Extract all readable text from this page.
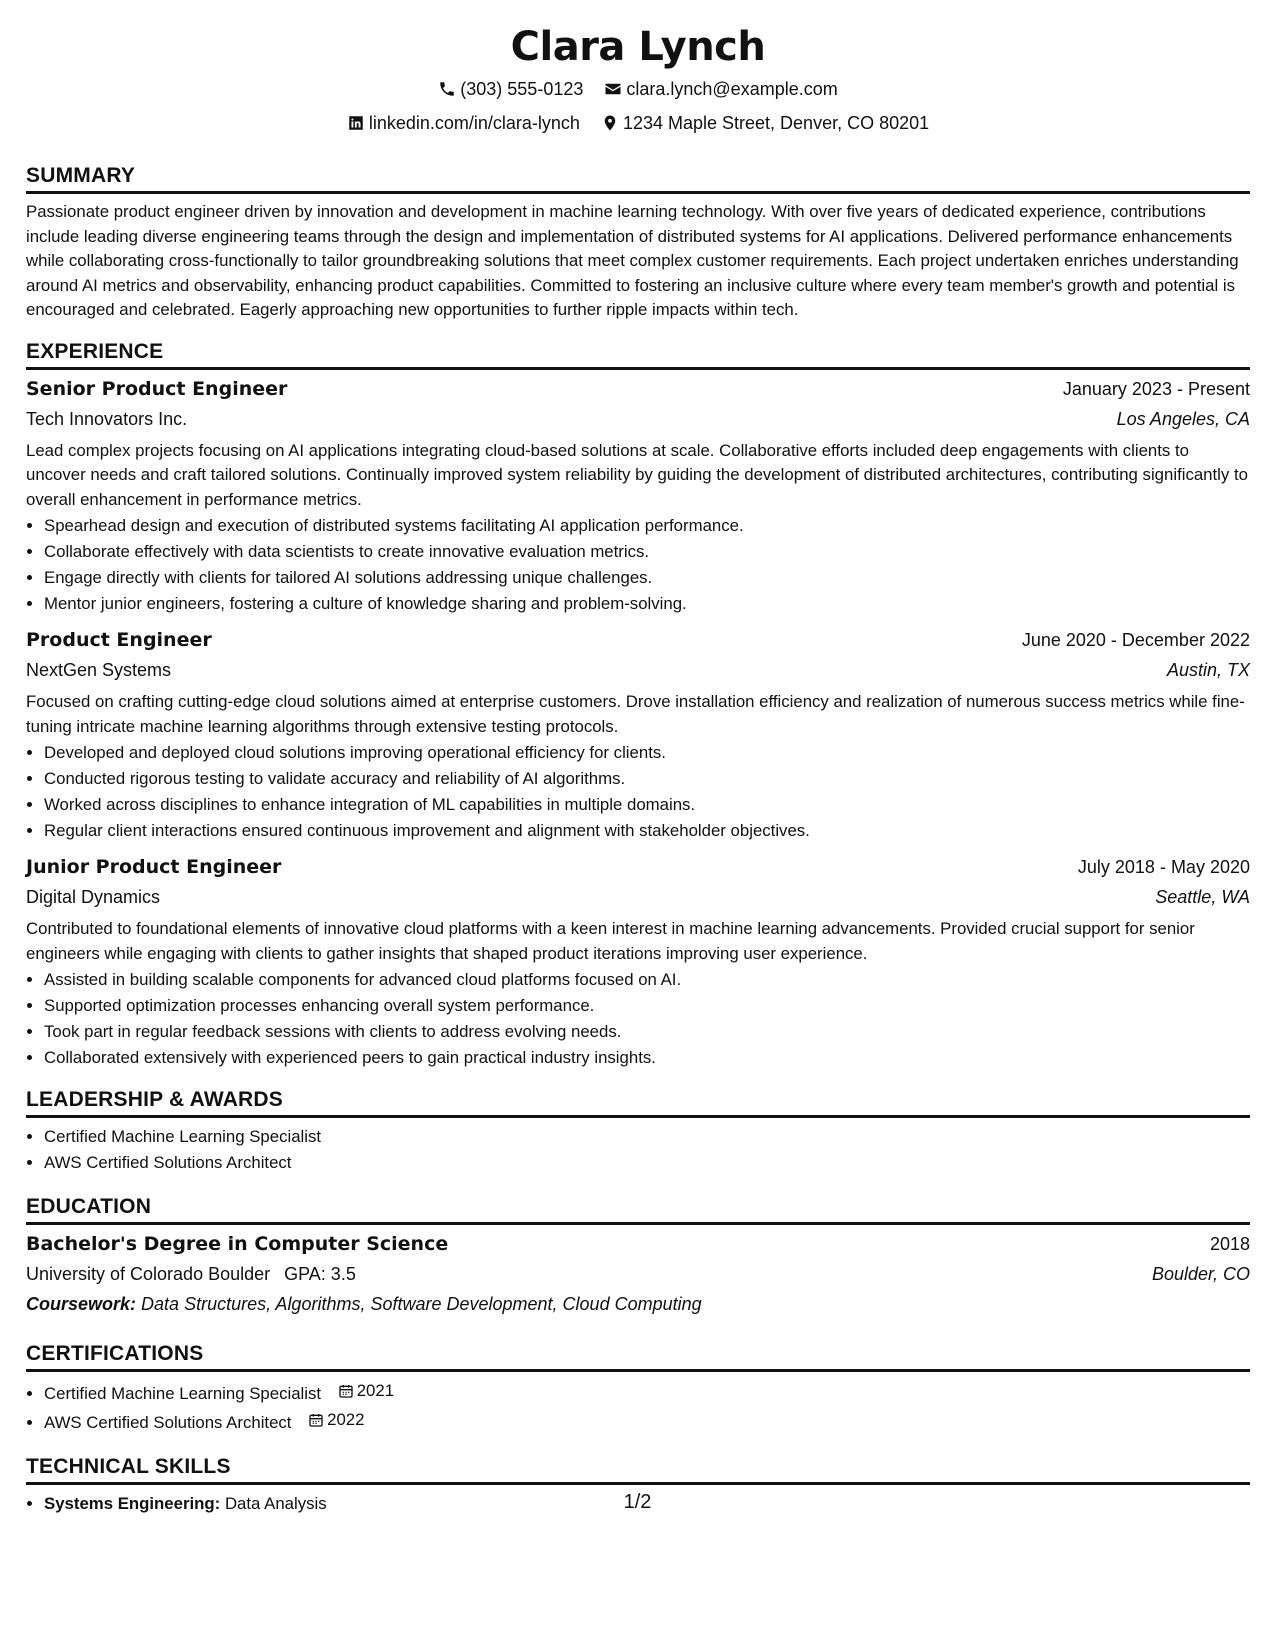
Clara Lynch
(303) 555-0123
clara.lynch@example.com
linkedin.com/in/clara-lynch
1234 Maple Street, Denver, CO 80201
SUMMARY

Passionate product engineer driven by innovation and development in machine learning technology. With over five years of dedicated experience, contributions include leading diverse engineering teams through the design and implementation of distributed systems for AI applications. Delivered performance enhancements while collaborating cross-functionally to tailor groundbreaking solutions that meet complex customer requirements. Each project undertaken enriches understanding around AI metrics and observability, enhancing product capabilities. Committed to fostering an inclusive culture where every team member's growth and potential is encouraged and celebrated. Eagerly approaching new opportunities to further ripple impacts within tech.

EXPERIENCE
Senior Product Engineer	January 2023 - Present
Tech Innovators Inc.	Los Angeles, CA

Lead complex projects focusing on AI applications integrating cloud-based solutions at scale. Collaborative efforts included deep engagements with clients to uncover needs and craft tailored solutions. Continually improved system reliability by guiding the development of distributed architectures, contributing significantly to overall enhancement in performance metrics.

• Spearhead design and execution of distributed systems facilitating AI application performance.
• Collaborate effectively with data scientists to create innovative evaluation metrics.
• Engage directly with clients for tailored AI solutions addressing unique challenges.
• Mentor junior engineers, fostering a culture of knowledge sharing and problem-solving.
Product Engineer	June 2020 - December 2022
NextGen Systems	Austin, TX

Focused on crafting cutting-edge cloud solutions aimed at enterprise customers. Drove installation efficiency and realization of numerous success metrics while fine-tuning intricate machine learning algorithms through extensive testing protocols.

• Developed and deployed cloud solutions improving operational efficiency for clients.
• Conducted rigorous testing to validate accuracy and reliability of AI algorithms.
• Worked across disciplines to enhance integration of ML capabilities in multiple domains.
• Regular client interactions ensured continuous improvement and alignment with stakeholder objectives.
Junior Product Engineer	July 2018 - May 2020
Digital Dynamics	Seattle, WA

Contributed to foundational elements of innovative cloud platforms with a keen interest in machine learning advancements. Provided crucial support for senior engineers while engaging with clients to gather insights that shaped product iterations improving user experience.

• Assisted in building scalable components for advanced cloud platforms focused on AI.
• Supported optimization processes enhancing overall system performance.
• Took part in regular feedback sessions with clients to address evolving needs.
• Collaborated extensively with experienced peers to gain practical industry insights.
LEADERSHIP & AWARDS
• Certified Machine Learning Specialist
• AWS Certified Solutions Architect
EDUCATION
Bachelor's Degree in Computer Science	2018
University of Colorado Boulder GPA: 3.5	Boulder, CO
Coursework: Data Structures, Algorithms, Software Development, Cloud Computing
CERTIFICATIONS
• Certified Machine Learning Specialist 2021
• AWS Certified Solutions Architect 2022
TECHNICAL SKILLS
• Systems Engineering: Data Analysis	1/2
